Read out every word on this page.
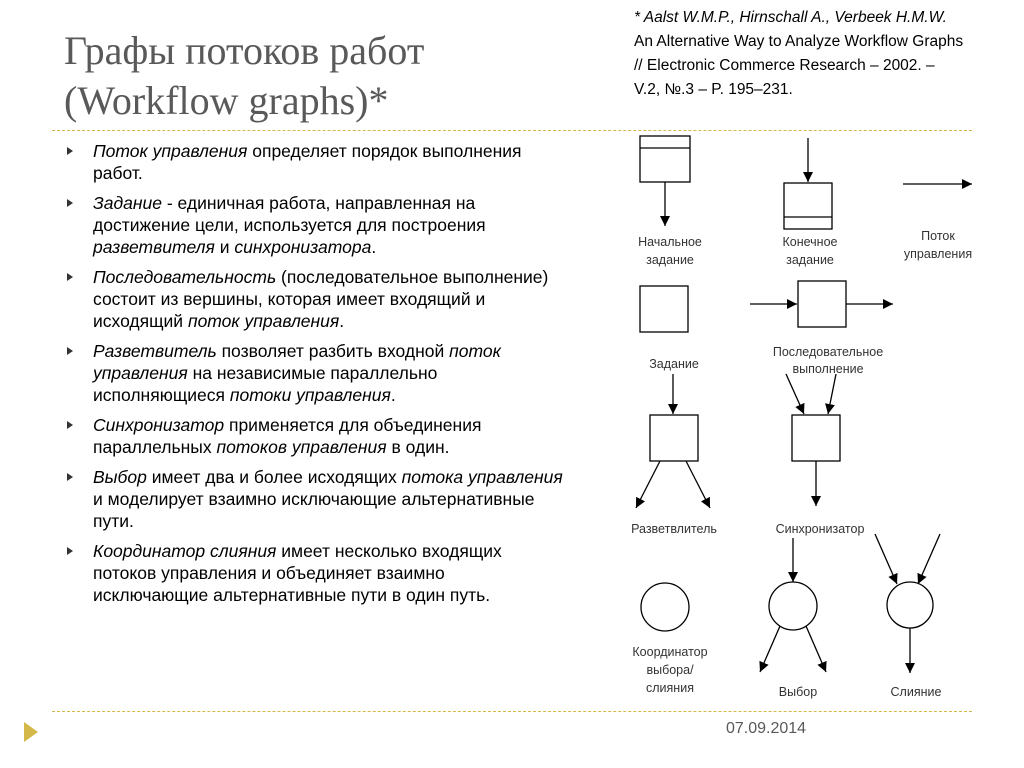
Графы потоков работ
(Workflow graphs)*
* Aalst W.M.P., Hirnschall A., Verbeek H.M.W. An Alternative Way to Analyze Workflow Graphs // Electronic Commerce Research – 2002. – V.2, №.3 – P. 195–231.
Поток управления определяет порядок выполнения работ.
Задание - единичная работа, направленная на достижение цели, используется для построения разветвителя и синхронизатора.
Последовательность (последовательное выполнение) состоит из вершины, которая имеет входящий и исходящий поток управления.
Разветвитель позволяет разбить входной поток управления на независимые параллельно исполняющиеся потоки управления.
Синхронизатор применяется для объединения параллельных потоков управления в один.
Выбор имеет два и более исходящих потока управления и моделирует взаимно исключающие альтернативные пути.
Координатор слияния имеет несколько входящих потоков управления и объединяет взаимно исключающие альтернативные пути в один путь.
Начальное
задание
Конечное
задание
Поток
управления
Задание
Последовательное
выполнение
Разветвлитель	Синхронизатор
Координатор
выбора/
слияния	Выбор	Слияние
07.09.2014
